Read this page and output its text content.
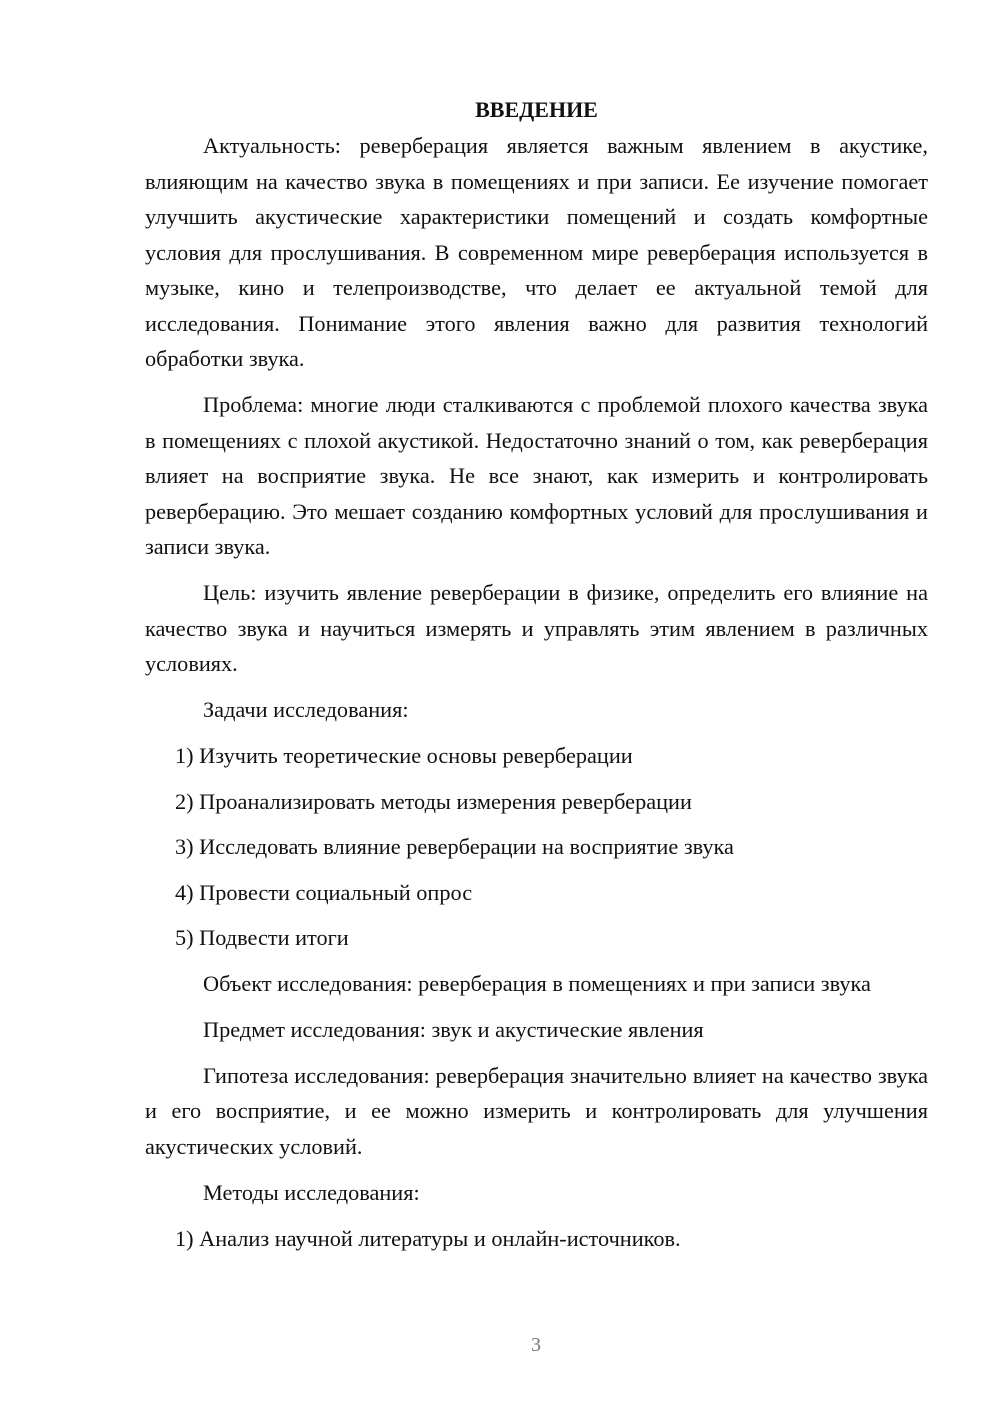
ВВЕДЕНИЕ

Актуальность: реверберация является важным явлением в акустике, влияющим на качество звука в помещениях и при записи. Ее изучение помогает улучшить акустические характеристики помещений и создать комфортные условия для прослушивания. В современном мире реверберация используется в музыке, кино и телепроизводстве, что делает ее актуальной темой для исследования. Понимание этого явления важно для развития технологий обработки звука.

Проблема: многие люди сталкиваются с проблемой плохого качества звука в помещениях с плохой акустикой. Недостаточно знаний о том, как реверберация влияет на восприятие звука. Не все знают, как измерить и контролировать реверберацию. Это мешает созданию комфортных условий для прослушивания и записи звука.

Цель: изучить явление реверберации в физике, определить его влияние на качество звука и научиться измерять и управлять этим явлением в различных условиях.

Задачи исследования:

1) Изучить теоретические основы реверберации

2) Проанализировать методы измерения реверберации

3) Исследовать влияние реверберации на восприятие звука

4) Провести социальный опрос

5) Подвести итоги

Объект исследования: реверберация в помещениях и при записи звука

Предмет исследования: звук и акустические явления

Гипотеза исследования: реверберация значительно влияет на качество звука и его восприятие, и ее можно измерить и контролировать для улучшения акустических условий.

Методы исследования:

1) Анализ научной литературы и онлайн-источников.

3
